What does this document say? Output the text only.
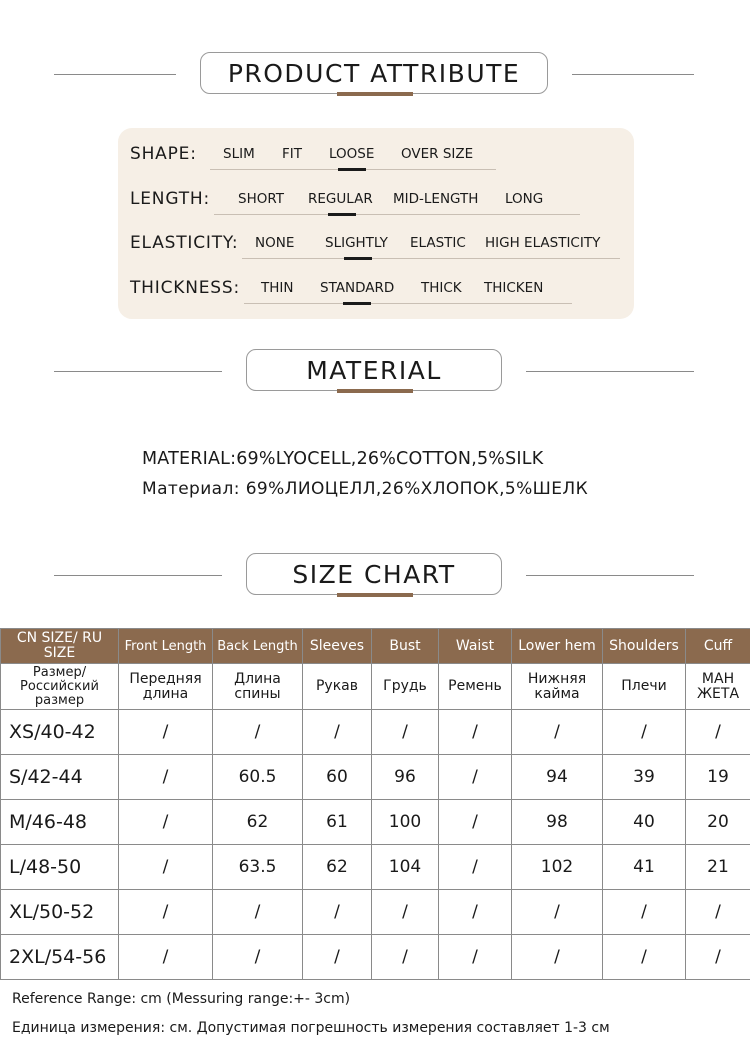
PRODUCT ATTRIBUTE
SHAPE: SLIM FIT LOOSE OVER SIZE
LENGTH: SHORT REGULAR MID-LENGTH LONG
ELASTICITY: NONE SLIGHTLY ELASTIC HIGH ELASTICITY
THICKNESS: THIN STANDARD THICK THICKEN
MATERIAL
MATERIAL:69%LYOCELL,26%COTTON,5%SILK
Материал: 69%ЛИОЦЕЛЛ,26%ХЛОПОК,5%ШЕЛК
SIZE CHART
CN SIZE/ RU SIZE	Front Length	Back Length	Sleeves	Bust	Waist	Lower hem	Shoulders	Cuff
Размер/ Российский размер	Передняя длина	Длина спины	Рукав	Грудь	Ремень	Нижняя кайма	Плечи	МАН ЖЕТА
XS/40-42	/	/	/	/	/	/	/	/
S/42-44	/	60.5	60	96	/	94	39	19
M/46-48	/	62	61	100	/	98	40	20
L/48-50	/	63.5	62	104	/	102	41	21
XL/50-52	/	/	/	/	/	/	/	/
2XL/54-56	/	/	/	/	/	/	/	/
Reference Range: cm (Messuring range:+- 3cm)
Единица измерения: см. Допустимая погрешность измерения составляет 1-3 см
